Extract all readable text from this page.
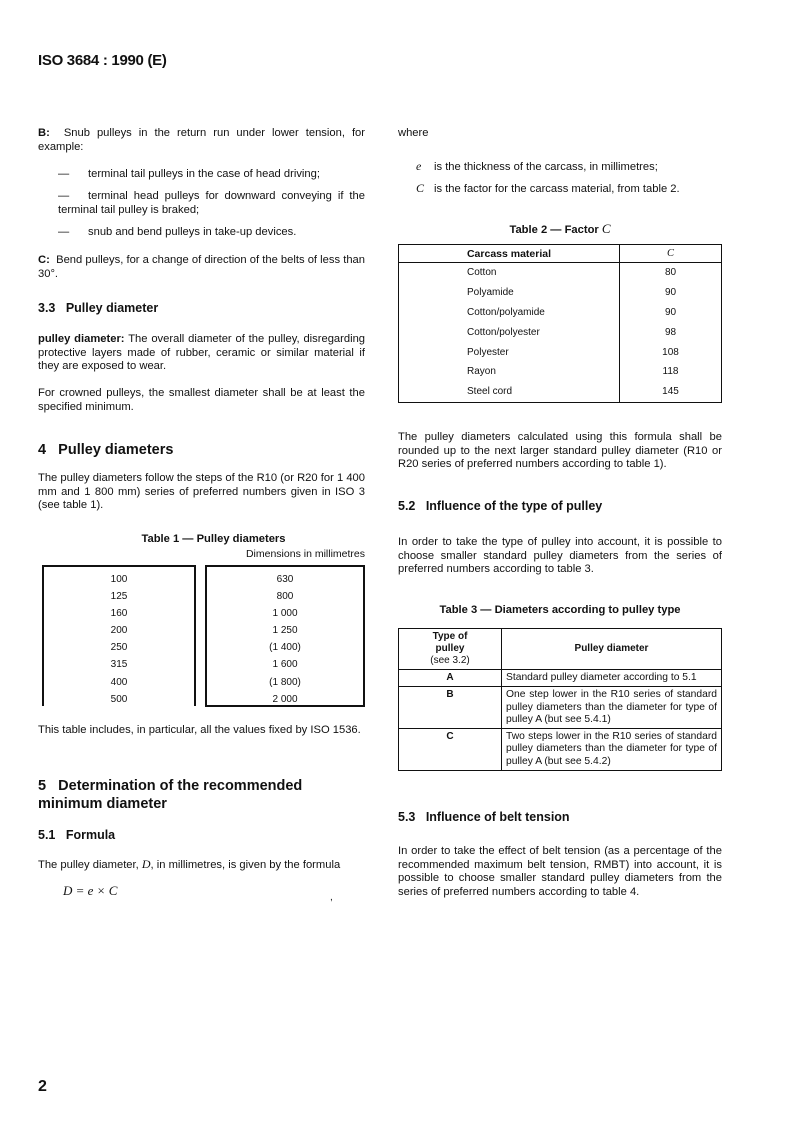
ISO 3684 : 1990 (E)

B: Snub pulleys in the return run under lower tension, for example:

— terminal tail pulleys in the case of head driving;
— terminal head pulleys for downward conveying if the terminal tail pulley is braked;
— snub and bend pulleys in take-up devices.

C: Bend pulleys, for a change of direction of the belts of less than 30°.

3.3 Pulley diameter

pulley diameter: The overall diameter of the pulley, disregarding protective layers made of rubber, ceramic or similar material if they are exposed to wear.

For crowned pulleys, the smallest diameter shall be at least the specified minimum.

4 Pulley diameters

The pulley diameters follow the steps of the R10 (or R20 for 1 400 mm and 1 800 mm) series of preferred numbers given in ISO 3 (see table 1).

Table 1 — Pulley diameters
Dimensions in millimetres
100
125
160
200
250
315
400
500
630
800
1 000
1 250
(1 400)
1 600
(1 800)
2 000

This table includes, in particular, all the values fixed by ISO 1536.

5 Determination of the recommended
minimum diameter
5.1 Formula

The pulley diameter, D, in millimetres, is given by the formula

D = e × C	,

where

e is the thickness of the carcass, in millimetres;
C is the factor for the carcass material, from table 2.
Table 2 — Factor C
Carcass material	C
Cotton	80
Polyamide	90
Cotton/polyamide	90
Cotton/polyester	98
Polyester	108
Rayon	118
Steel cord	145

The pulley diameters calculated using this formula shall be rounded up to the next larger standard pulley diameter (R10 or R20 series of preferred numbers according to table 1).

5.2 Influence of the type of pulley

In order to take the type of pulley into account, it is possible to choose smaller standard pulley diameters from the series of preferred numbers according to table 3.

Table 3 — Diameters according to pulley type
Type of pulley
(see 3.2)	Pulley diameter
A	Standard pulley diameter according to 5.1
B	One step lower in the R10 series of standard pulley diameters than the diameter for type of pulley A (but see 5.4.1)
C	Two steps lower in the R10 series of standard pulley diameters than the diameter for type of pulley A (but see 5.4.2)
5.3 Influence of belt tension

In order to take the effect of belt tension (as a percentage of the recommended maximum belt tension, RMBT) into account, it is possible to choose smaller standard pulley diameters from the series of preferred numbers according to table 4.

2
